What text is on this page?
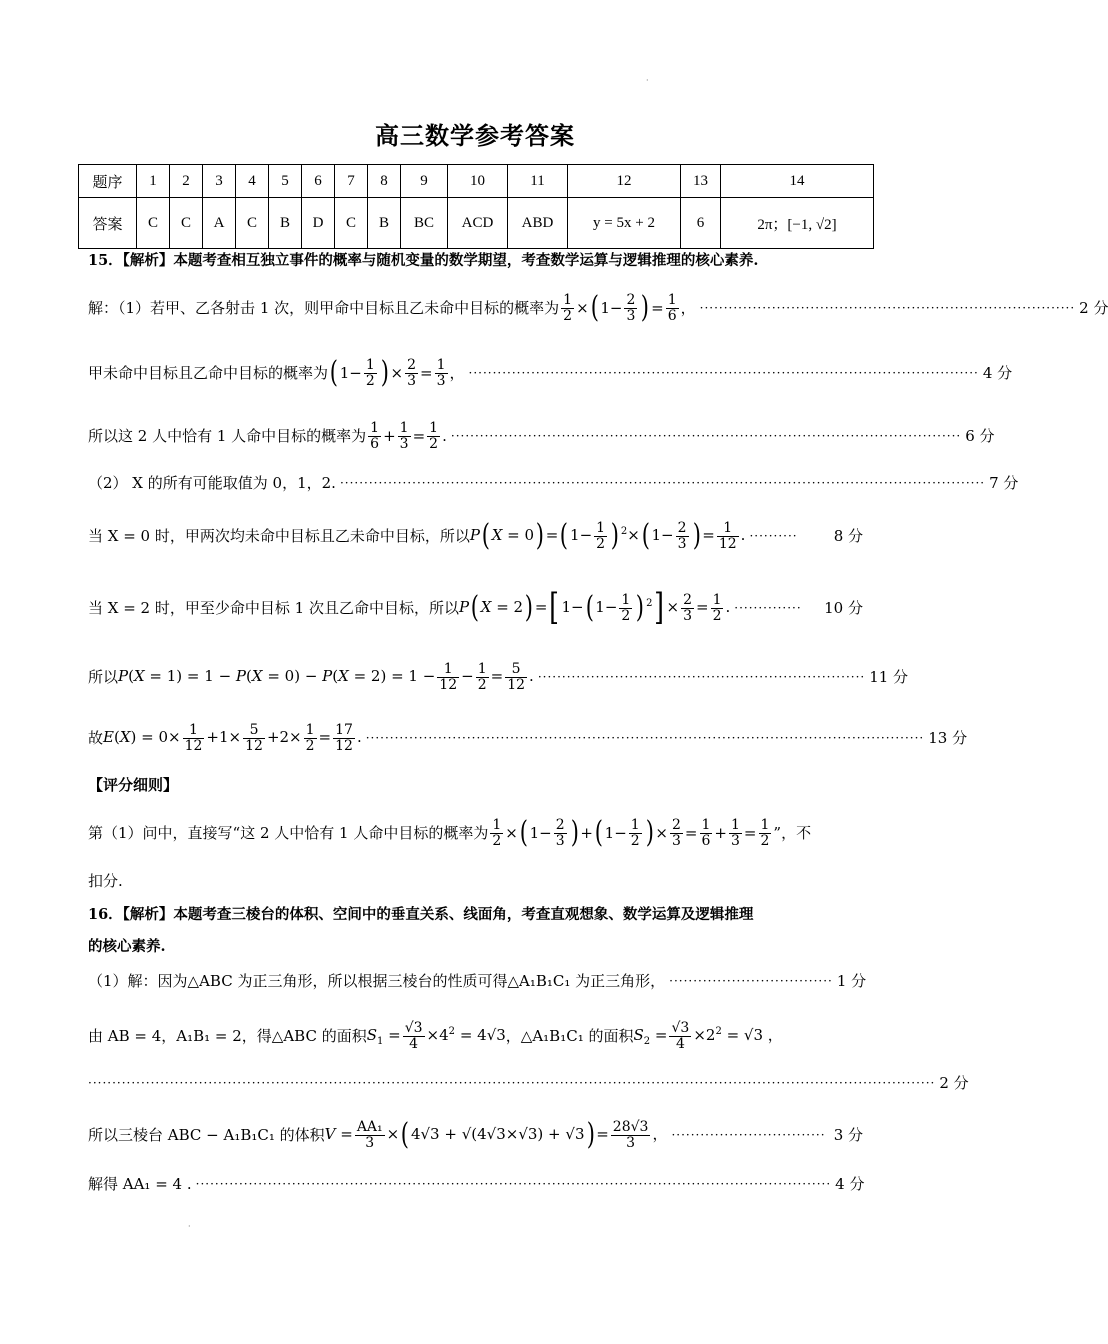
·
高三数学参考答案
题序	1	2	3	4	5	6	7	8	9	10	11	12	13	14
答案	C	C	A	C	B	D	C	B	BC	ACD	ABD	y = 5x + 2	6	2π；[−1, √2]
15．【解析】本题考查相互独立事件的概率与随机变量的数学期望，考查数学运算与逻辑推理的核心素养.
解：（1）若甲、乙各射击 1 次，则甲命中目标且乙未命中目标的概率为 $\frac{1}{2}$ × ( $1- \frac{2}{3}$ ) = $\frac{1}{6}$ ， ·············································································· 2 分
甲未命中目标且乙命中目标的概率为 ( $1- \frac{1}{2}$ ) × $\frac{2}{3} = \frac{1}{3}$ ， ·········································································································· 4 分
所以这 2 人中恰有 1 人命中目标的概率为 $\frac{1}{6} + \frac{1}{3} = \frac{1}{2}$ . ·········································································································· 6 分
（2） X 的所有可能取值为 0，1，2. ······································································································································ 7 分
当 X = 0 时，甲两次均未命中目标且乙未命中目标，所以 P( X = 0) =( $1- \frac{1}{2}$ ) $^2$×( $1- \frac{2}{3}$ ) = $\frac{1}{12}$ . ··········	8 分
当 X = 2 时，甲至少命中目标 1 次且乙命中目标，所以 P( X = 2) =[ 1−( $1- \frac{1}{2}$ ) $^2] \times \frac{2}{3} = \frac{1}{2}$ . ··············	10 分
所以 $P(X = 1) = 1 - P(X = 0) - P(X = 2) = 1 - \frac{1}{12} - \frac{1}{2} = \frac{5}{12}$ . ···································································· 11 分
故 $E(X) = 0\times \frac{1}{12} +1\times \frac{5}{12} +2\times \frac{1}{2} = \frac{17}{12}$ . ···················································································································· 13 分
【评分细则】
第（1）问中，直接写“这 2 人中恰有 1 人命中目标的概率为 $\frac{1}{2}$ × ( $1- \frac{2}{3}$ ) + ( $1- \frac{1}{2}$ ) × $\frac{2}{3} = \frac{1}{6} + \frac{1}{3} = \frac{1}{2}$ ”，不
扣分.
16．【解析】本题考查三棱台的体积、空间中的垂直关系、线面角，考查直观想象、数学运算及逻辑推理
的核心素养.
（1）解：因为△ABC 为正三角形，所以根据三棱台的性质可得△A₁B₁C₁ 为正三角形， ·································· 1 分
由 AB = 4，A₁B₁ = 2，得△ABC 的面积 $S_1 = \frac{√3}{4} \times 4^2 = 4√3$ ，△A₁B₁C₁ 的面积 $S_2 = \frac{√3}{4} \times 2^2 = √3$ ，
················································································································································································ 2 分
所以三棱台 ABC − A₁B₁C₁ 的体积 $V = \frac{\text{AA₁}}{3}$ ×( $4√3 + √(4√3\times√3) + √3) = \frac{28√3}{3}$ ， ································ 3 分
解得 AA₁ = 4 . ···································································································································· 4 分
·
